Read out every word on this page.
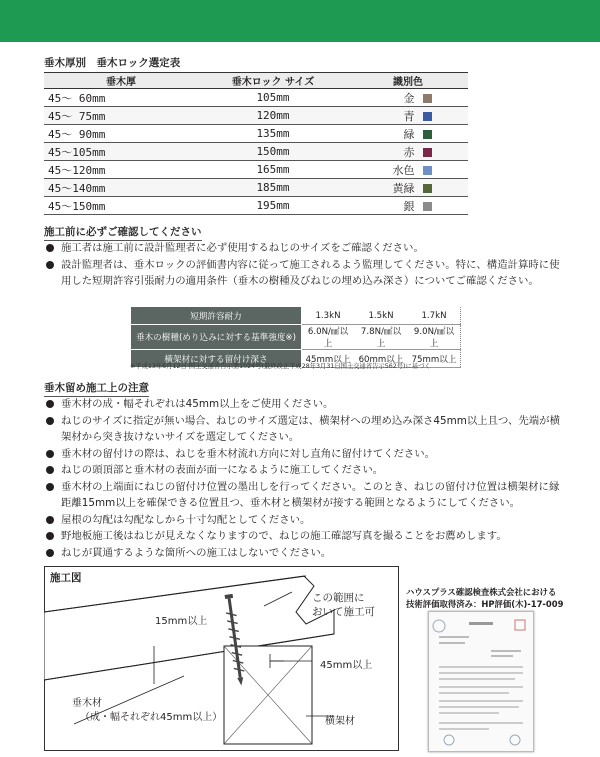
垂木厚別　垂木ロック選定表
垂木厚	垂木ロック サイズ	識別色
45～ 60mm	105mm	金
45～ 75mm	120mm	青
45～ 90mm	135mm	緑
45～105mm	150mm	赤
45～120mm	165mm	水色
45～140mm	185mm	黄緑
45～150mm	195mm	銀
施工前に必ずご確認してください
施工者は施工前に設計監理者に必ず使用するねじのサイズをご確認ください。
設計監理者は、垂木ロックの評価書内容に従って施工されるよう監理してください。特に、構造計算時に使用した短期許容引張耐力の適用条件（垂木の樹種及びねじの埋め込み深さ）についてご確認ください。
短期許容耐力	1.3kN	1.5kN	1.7kN
垂木の樹種(めり込みに対する基準強度※)	6.0N/㎟以上	7.8N/㎟以上	9.0N/㎟以上
横架材に対する留付け深さ	45mm以上	60mm以上	75mm以上
※平成13年6月12日 国土交通省告示第1024号(最終改正平成28年3月31日国土交通省告示562号)に基づく
垂木留め施工上の注意
垂木材の成・幅それぞれは45mm以上をご使用ください。
ねじのサイズに指定が無い場合、ねじのサイズ選定は、横架材への埋め込み深さ45mm以上且つ、先端が横架材から突き抜けないサイズを選定してください。
垂木材の留付けの際は、ねじを垂木材流れ方向に対し直角に留付けてください。
ねじの頭頂部と垂木材の表面が面一になるように施工してください。
垂木材の上端面にねじの留付け位置の墨出しを行ってください。このとき、ねじの留付け位置は横架材に縁距離15mm以上を確保できる位置且つ、垂木材と横架材が接する範囲となるようにしてください。
屋根の勾配は勾配なしから十寸勾配としてください。
野地板施工後はねじが見えなくなりますので、ねじの施工確認写真を撮ることをお薦めします。
ねじが貫通するような箇所への施工はしないでください。
施工図
15mm以上
この範囲に
おいて施工可
45mm以上
垂木材
（成・幅それぞれ45mm以上）	横架材
ハウスプラス確認検査株式会社における
技術評価取得済み：HP評価(木)-17-009
